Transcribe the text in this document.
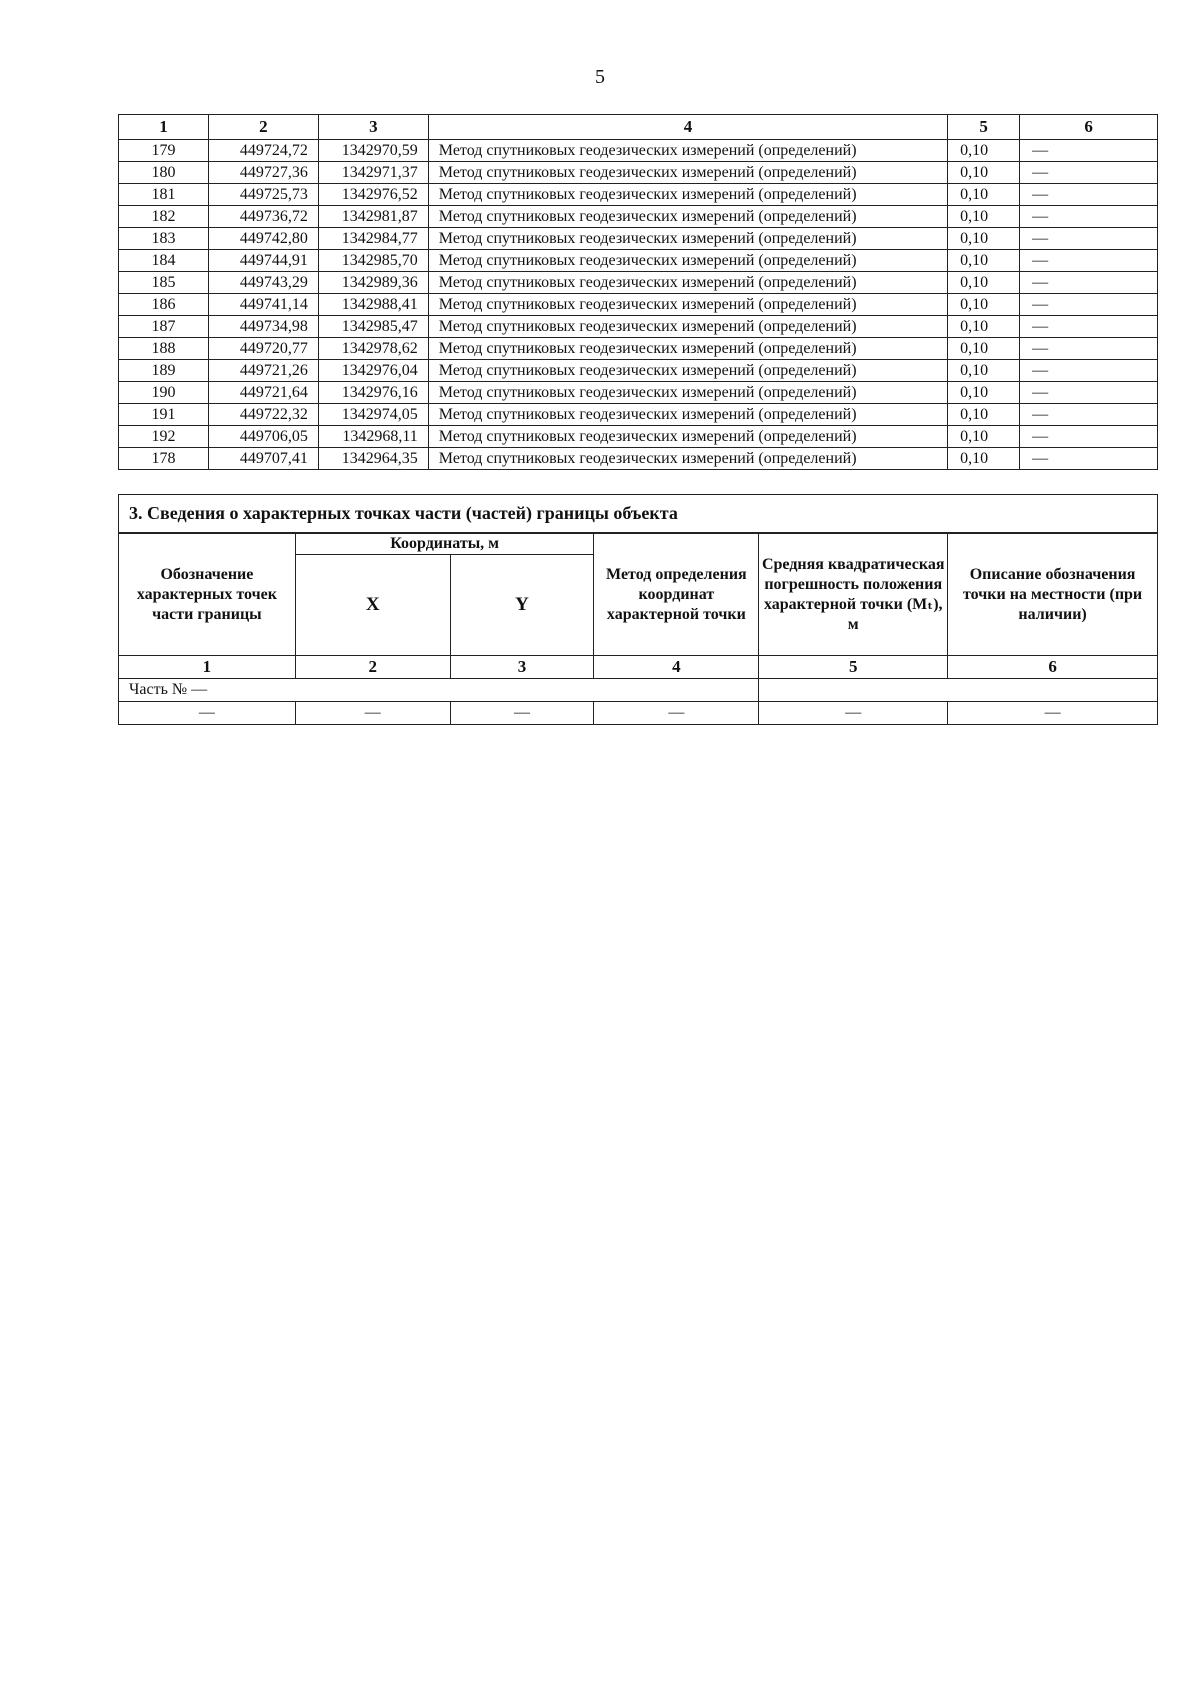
5
1	2	3	4	5	6
179	449724,72	1342970,59	Метод спутниковых геодезических измерений (определений)	0,10	—
180	449727,36	1342971,37	Метод спутниковых геодезических измерений (определений)	0,10	—
181	449725,73	1342976,52	Метод спутниковых геодезических измерений (определений)	0,10	—
182	449736,72	1342981,87	Метод спутниковых геодезических измерений (определений)	0,10	—
183	449742,80	1342984,77	Метод спутниковых геодезических измерений (определений)	0,10	—
184	449744,91	1342985,70	Метод спутниковых геодезических измерений (определений)	0,10	—
185	449743,29	1342989,36	Метод спутниковых геодезических измерений (определений)	0,10	—
186	449741,14	1342988,41	Метод спутниковых геодезических измерений (определений)	0,10	—
187	449734,98	1342985,47	Метод спутниковых геодезических измерений (определений)	0,10	—
188	449720,77	1342978,62	Метод спутниковых геодезических измерений (определений)	0,10	—
189	449721,26	1342976,04	Метод спутниковых геодезических измерений (определений)	0,10	—
190	449721,64	1342976,16	Метод спутниковых геодезических измерений (определений)	0,10	—
191	449722,32	1342974,05	Метод спутниковых геодезических измерений (определений)	0,10	—
192	449706,05	1342968,11	Метод спутниковых геодезических измерений (определений)	0,10	—
178	449707,41	1342964,35	Метод спутниковых геодезических измерений (определений)	0,10	—
3. Сведения о характерных точках части (частей) границы объекта					
Обозначение характерных точек части границы	Координаты, м		Метод определения координат характерной точки	Средняя квадратическая погрешность положения характерной точки (Mₜ), м	Описание обозначения точки на местности (при наличии)
	X	Y			
1	2	3	4	5	6
Часть № —					
—	—	—	—	—	—
